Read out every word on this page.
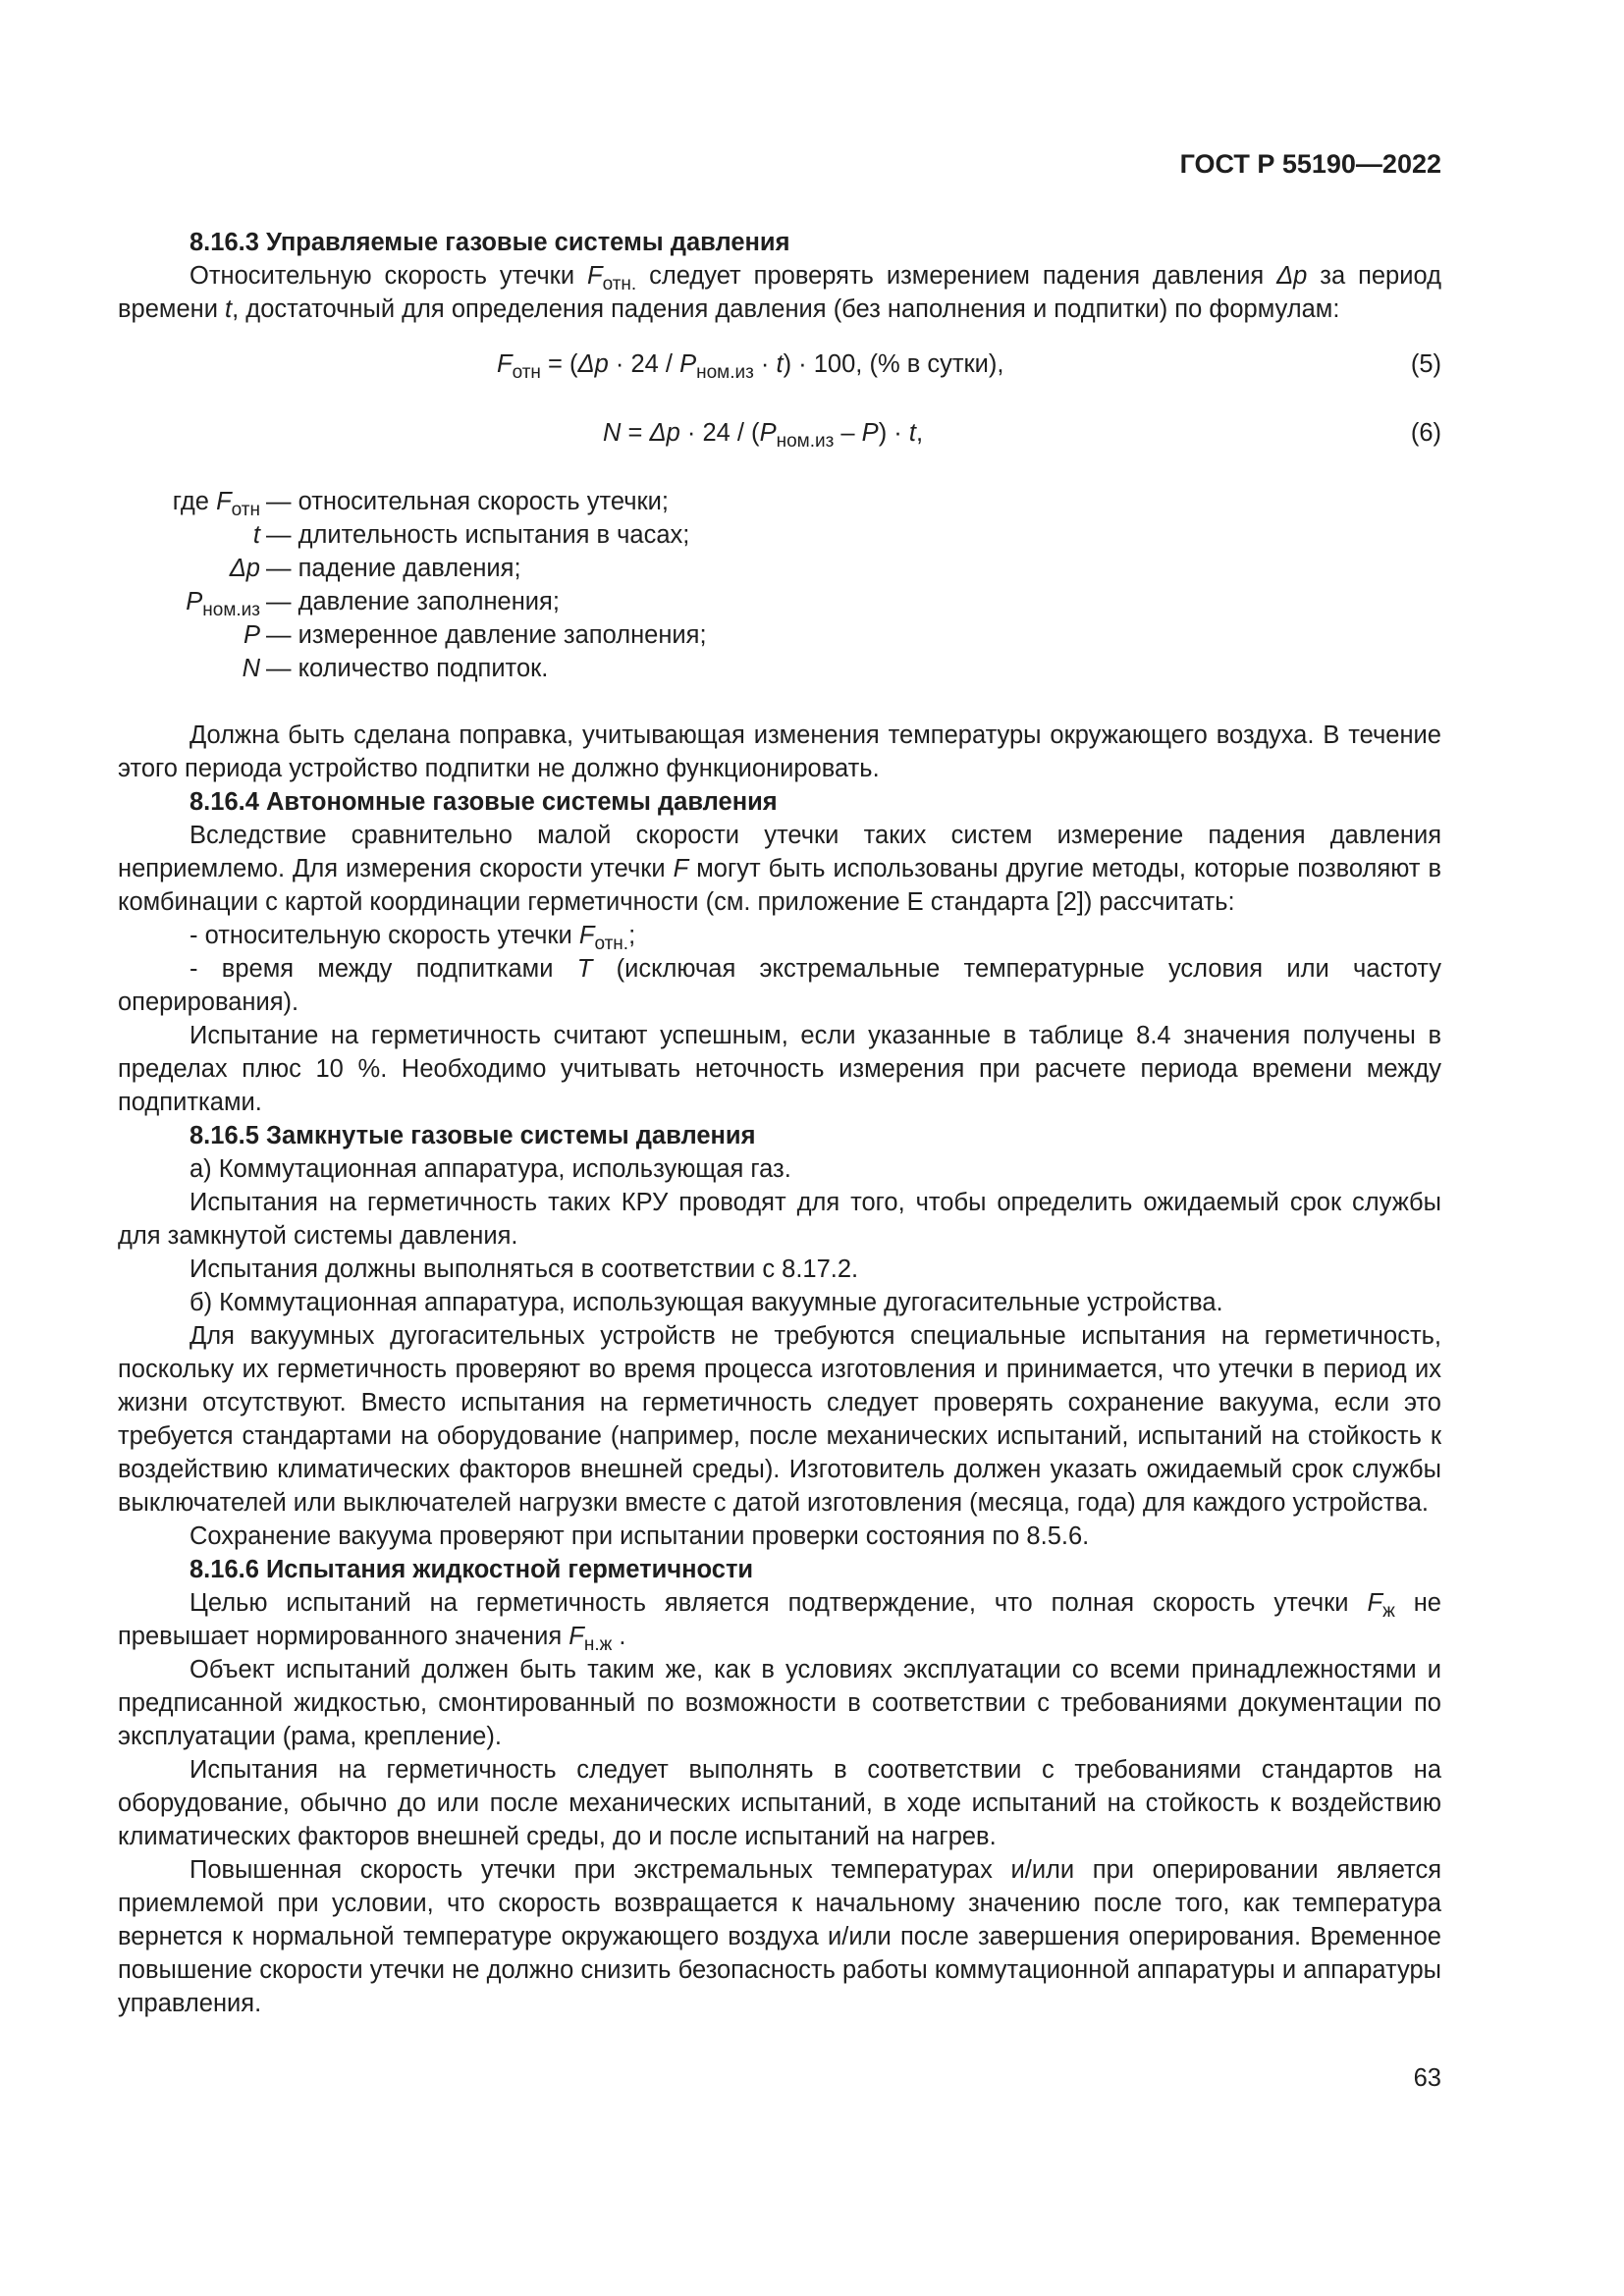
ГОСТ Р 55190—2022

8.16.3 Управляемые газовые системы давления

Относительную скорость утечки $F_{отн.}$ следует проверять измерением падения давления Δp за период времени t, достаточный для определения падения давления (без наполнения и подпитки) по формулам:

$F_{отн} = (\Delta p \cdot 24 / P_{ном.из} \cdot t) \cdot 100$, (% в сутки),	(5)
$N = \Delta p \cdot 24 / (P_{ном.из} - P) \cdot t$,	(6)
где $F_{отн}$ — относительная скорость утечки;
t — длительность испытания в часах;
Δp — падение давления;
$P_{ном.из}$ — давление заполнения;
P — измеренное давление заполнения;
N — количество подпиток.

Должна быть сделана поправка, учитывающая изменения температуры окружающего воздуха. В течение этого периода устройство подпитки не должно функционировать.

8.16.4 Автономные газовые системы давления

Вследствие сравнительно малой скорости утечки таких систем измерение падения давления неприемлемо. Для измерения скорости утечки F могут быть использованы другие методы, которые позволяют в комбинации с картой координации герметичности (см. приложение Е стандарта [2]) рассчитать:

- относительную скорость утечки $F_{отн.}$;

- время между подпитками T (исключая экстремальные температурные условия или частоту оперирования).

Испытание на герметичность считают успешным, если указанные в таблице 8.4 значения получены в пределах плюс 10 %. Необходимо учитывать неточность измерения при расчете периода времени между подпитками.

8.16.5 Замкнутые газовые системы давления

а) Коммутационная аппаратура, использующая газ.

Испытания на герметичность таких КРУ проводят для того, чтобы определить ожидаемый срок службы для замкнутой системы давления.

Испытания должны выполняться в соответствии с 8.17.2.

б) Коммутационная аппаратура, использующая вакуумные дугогасительные устройства.

Для вакуумных дугогасительных устройств не требуются специальные испытания на герметичность, поскольку их герметичность проверяют во время процесса изготовления и принимается, что утечки в период их жизни отсутствуют. Вместо испытания на герметичность следует проверять сохранение вакуума, если это требуется стандартами на оборудование (например, после механических испытаний, испытаний на стойкость к воздействию климатических факторов внешней среды). Изготовитель должен указать ожидаемый срок службы выключателей или выключателей нагрузки вместе с датой изготовления (месяца, года) для каждого устройства.

Сохранение вакуума проверяют при испытании проверки состояния по 8.5.6.

8.16.6 Испытания жидкостной герметичности

Целью испытаний на герметичность является подтверждение, что полная скорость утечки $F_ж$ не превышает нормированного значения $F_{н.ж}$ .

Объект испытаний должен быть таким же, как в условиях эксплуатации со всеми принадлежностями и предписанной жидкостью, смонтированный по возможности в соответствии с требованиями документации по эксплуатации (рама, крепление).

Испытания на герметичность следует выполнять в соответствии с требованиями стандартов на оборудование, обычно до или после механических испытаний, в ходе испытаний на стойкость к воздействию климатических факторов внешней среды, до и после испытаний на нагрев.

Повышенная скорость утечки при экстремальных температурах и/или при оперировании является приемлемой при условии, что скорость возвращается к начальному значению после того, как температура вернется к нормальной температуре окружающего воздуха и/или после завершения оперирования. Временное повышение скорости утечки не должно снизить безопасность работы коммутационной аппаратуры и аппаратуры управления.

63
